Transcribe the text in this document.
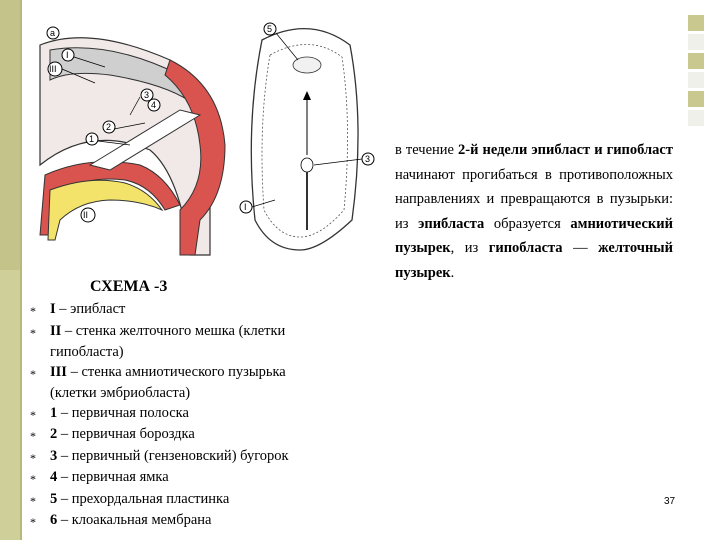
a
I
III
3
4
2
1
II
5
3
I
СХЕМА -3
* I – эпибласт
* II – стенка желточного мешка (клетки
гипобласта)
* III – стенка амниотического пузырька
(клетки эмбриобласта)
* 1 – первичная полоска
* 2 – первичная бороздка
* 3 – первичный (гензеновский) бугорок
* 4 – первичная ямка
* 5 – прехордальная пластинка
* 6 – клоакальная мембрана
в течение 2-й недели эпибласт и гипобласт начинают прогибаться в противоположных направлениях и превращаются в пузырьки: из эпибласта образуется амниотический пузырек, из гипобласта — желточный пузырек.
37
